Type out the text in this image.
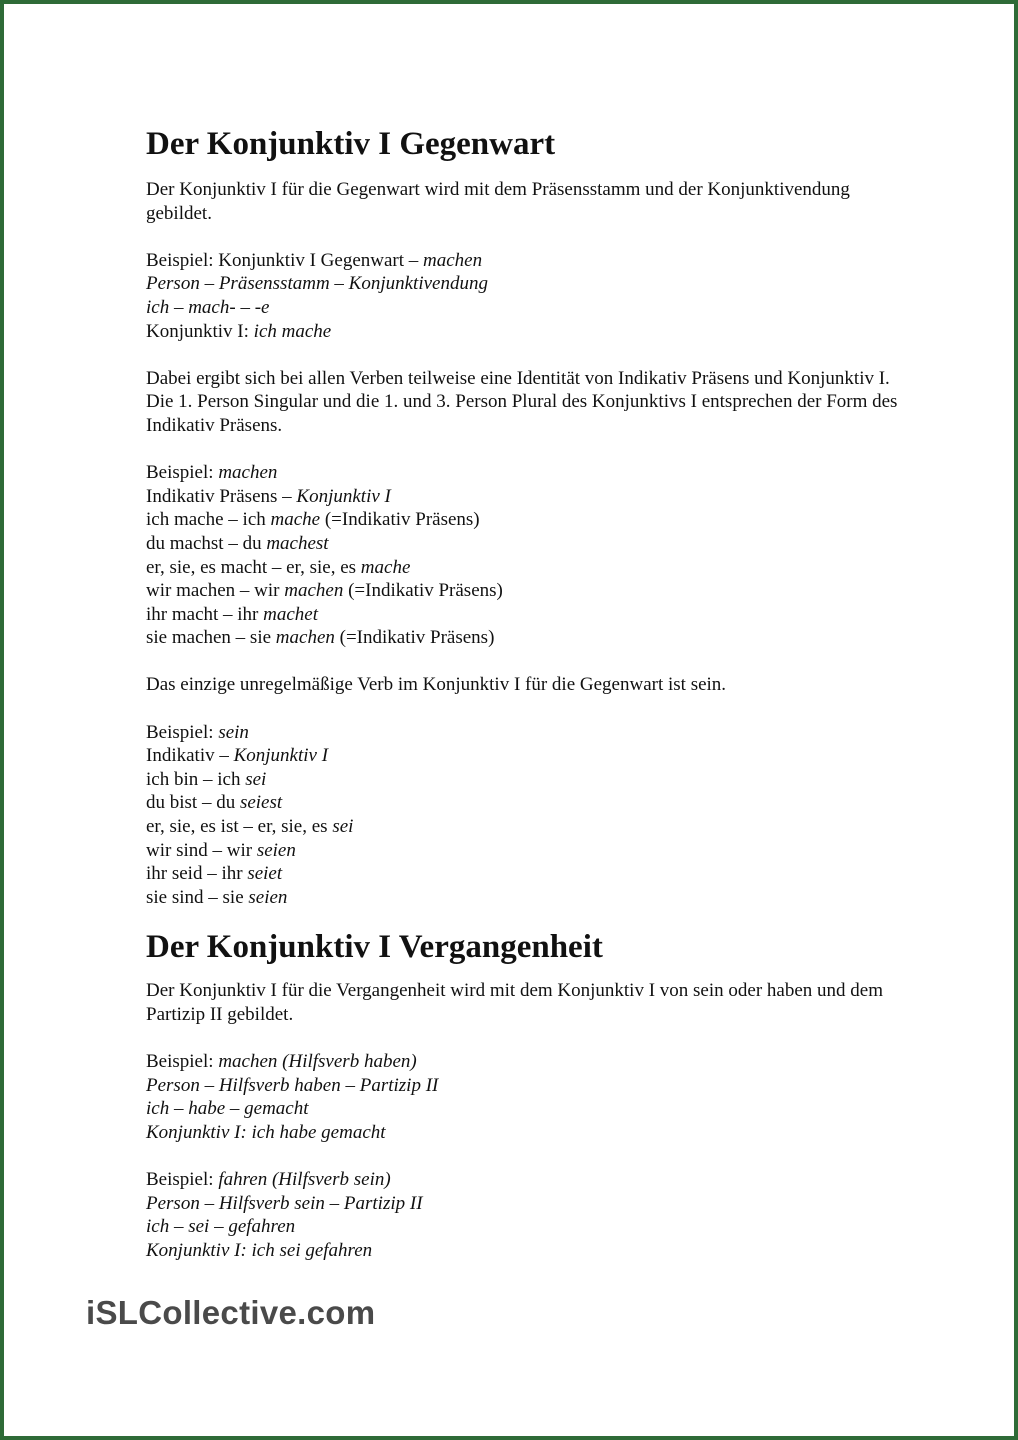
Der Konjunktiv I Gegenwart
Der Konjunktiv I für die Gegenwart wird mit dem Präsensstamm und der Konjunktivendung gebildet.
Beispiel: Konjunktiv I Gegenwart – machen
Person – Präsensstamm – Konjunktivendung
ich – mach- – -e
Konjunktiv I: ich mache
Dabei ergibt sich bei allen Verben teilweise eine Identität von Indikativ Präsens und Konjunktiv I. Die 1. Person Singular und die 1. und 3. Person Plural des Konjunktivs I entsprechen der Form des Indikativ Präsens.
Beispiel: machen
Indikativ Präsens – Konjunktiv I
ich mache – ich mache (=Indikativ Präsens)
du machst – du machest
er, sie, es macht – er, sie, es mache
wir machen – wir machen (=Indikativ Präsens)
ihr macht – ihr machet
sie machen – sie machen (=Indikativ Präsens)
Das einzige unregelmäßige Verb im Konjunktiv I für die Gegenwart ist sein.
Beispiel: sein
Indikativ – Konjunktiv I
ich bin – ich sei
du bist – du seiest
er, sie, es ist – er, sie, es sei
wir sind – wir seien
ihr seid – ihr seiet
sie sind – sie seien
Der Konjunktiv I Vergangenheit
Der Konjunktiv I für die Vergangenheit wird mit dem Konjunktiv I von sein oder haben und dem Partizip II gebildet.
Beispiel: machen (Hilfsverb haben)
Person – Hilfsverb haben – Partizip II
ich – habe – gemacht
Konjunktiv I: ich habe gemacht
Beispiel: fahren (Hilfsverb sein)
Person – Hilfsverb sein – Partizip II
ich – sei – gefahren
Konjunktiv I: ich sei gefahren
iSLCollective.com
